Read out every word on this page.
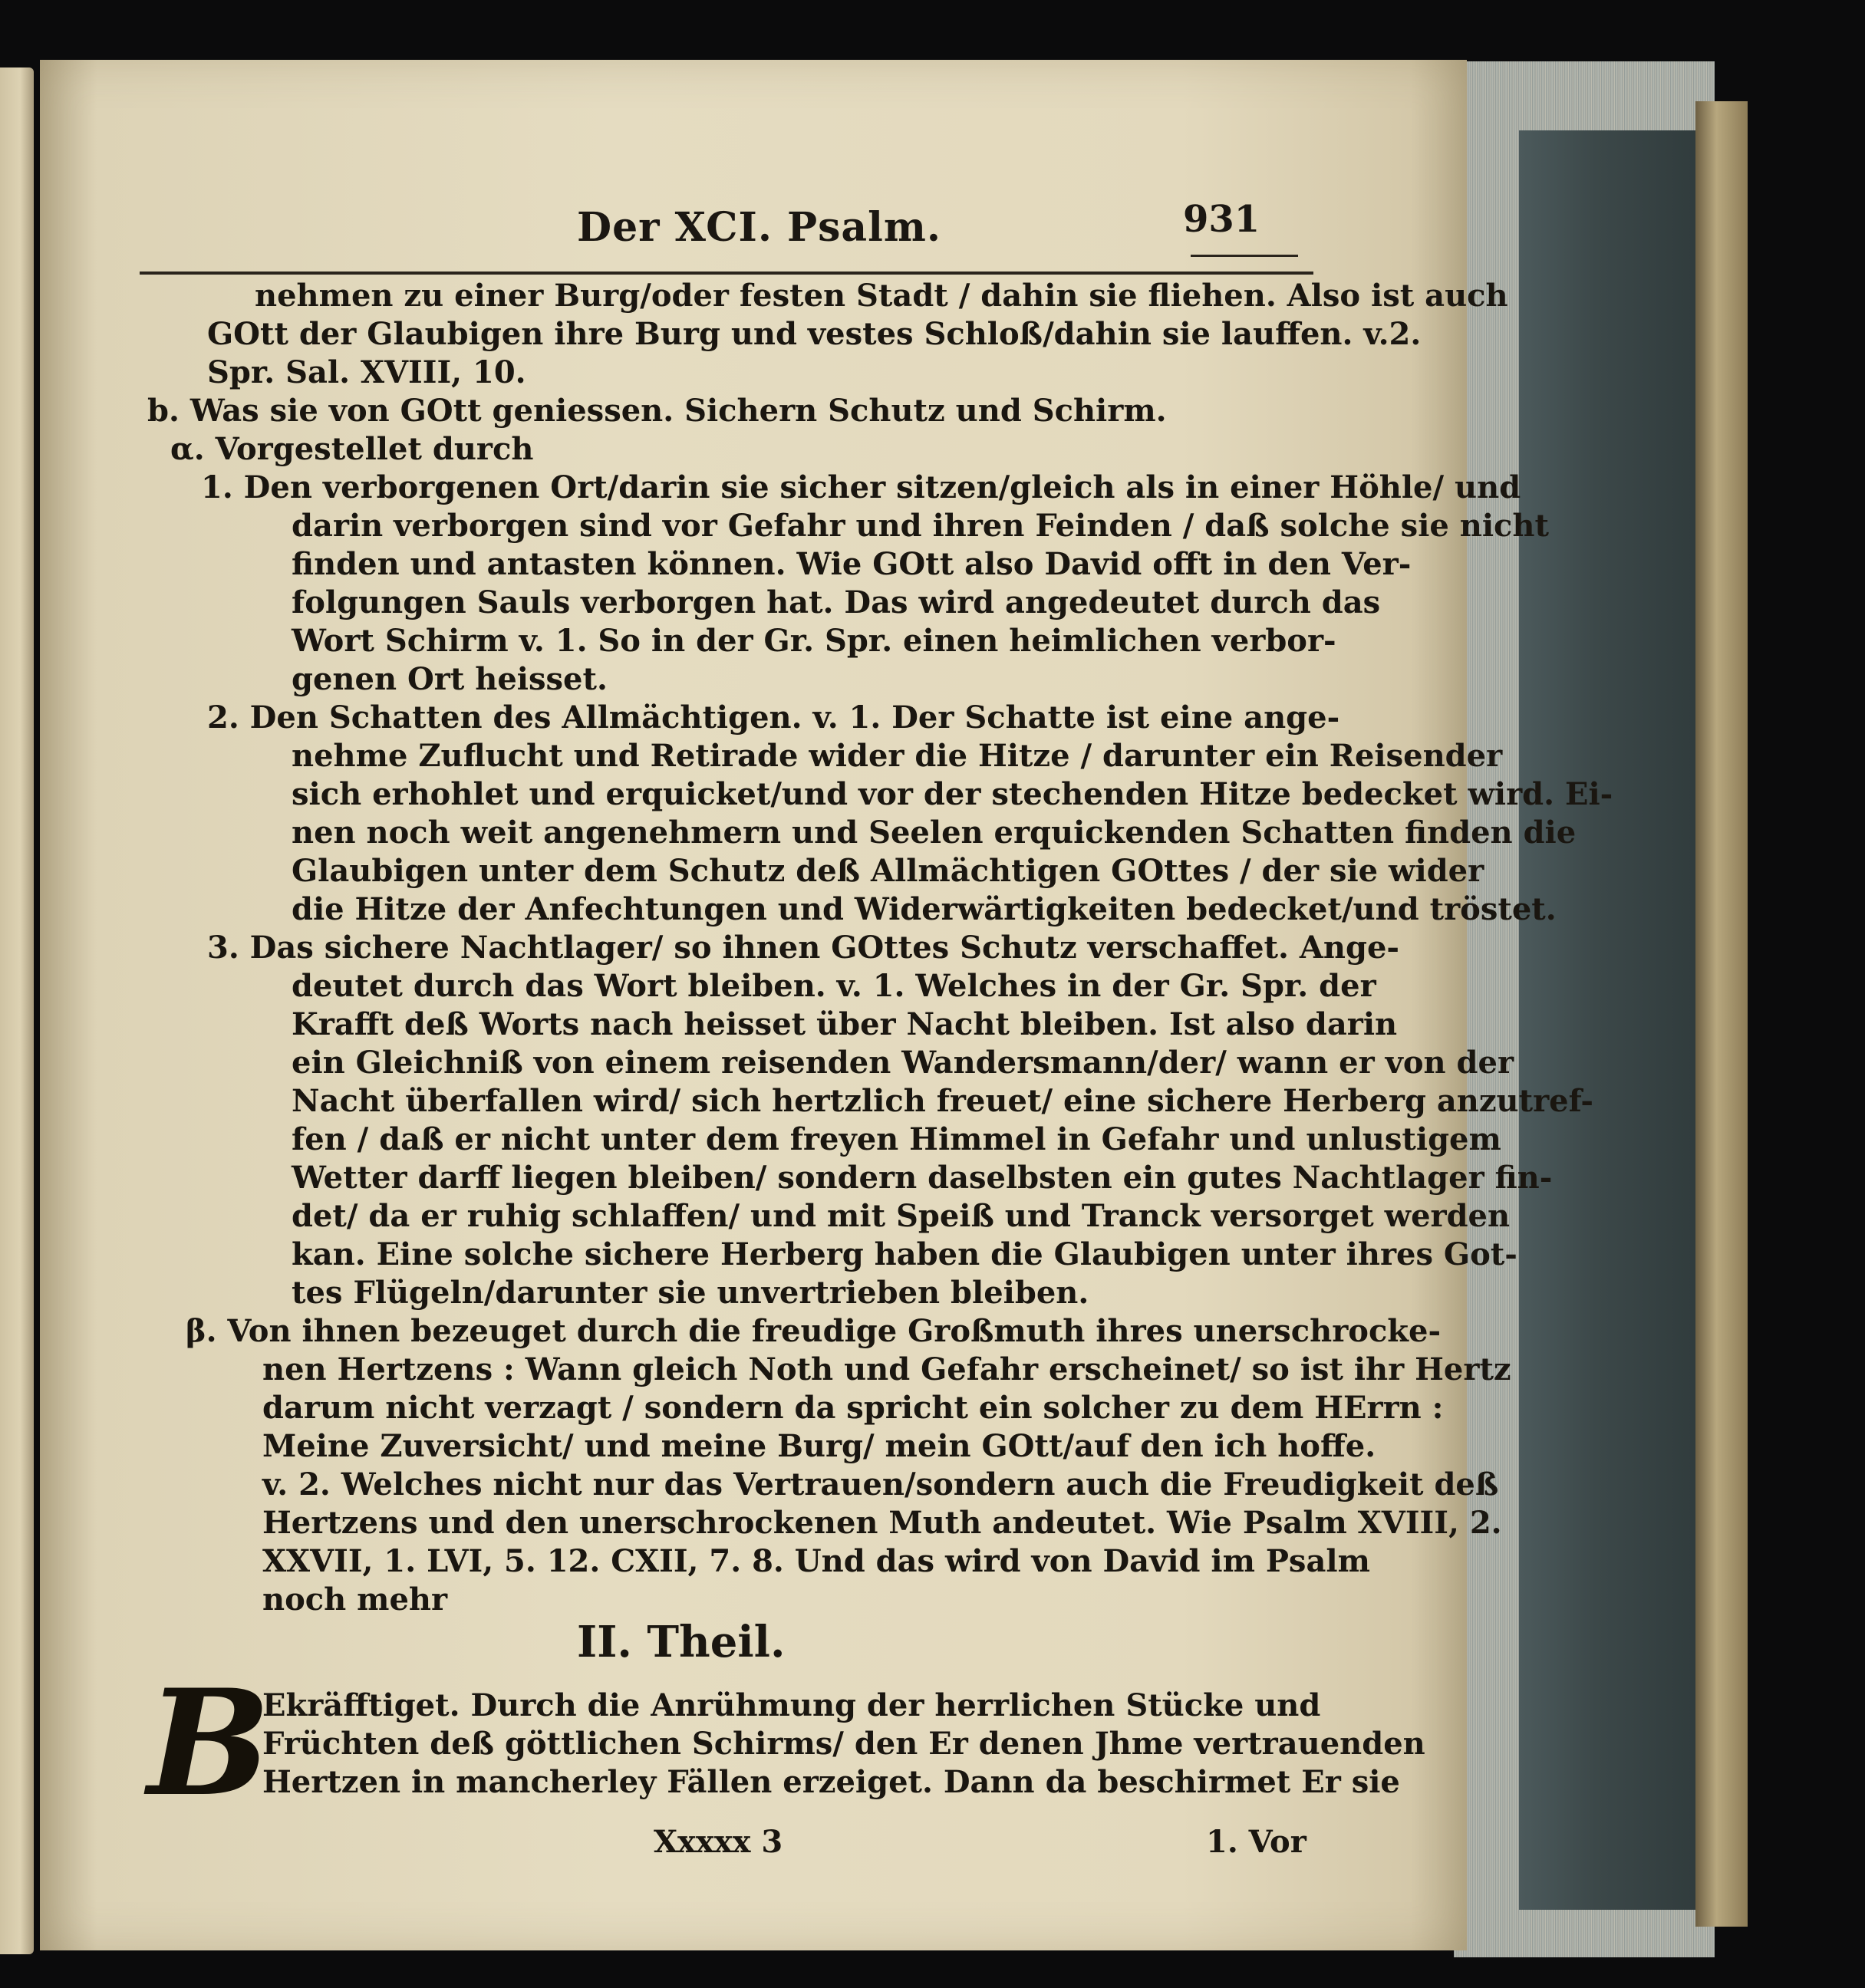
Der XCI. Psalm.	931
nehmen zu einer Burg/oder festen Stadt / dahin sie fliehen. Also ist auch
GOtt der Glaubigen ihre Burg und vestes Schloß/dahin sie lauffen. v.2.
Spr. Sal. XVIII, 10.
b. Was sie von GOtt geniessen. Sichern Schutz und Schirm.
α. Vorgestellet durch
1. Den verborgenen Ort/darin sie sicher sitzen/gleich als in einer Höhle/ und
darin verborgen sind vor Gefahr und ihren Feinden / daß solche sie nicht
finden und antasten können. Wie GOtt also David offt in den Ver-
folgungen Sauls verborgen hat. Das wird angedeutet durch das
Wort Schirm v. 1. So in der Gr. Spr. einen heimlichen verbor-
genen Ort heisset.
2. Den Schatten des Allmächtigen. v. 1. Der Schatte ist eine ange-
nehme Zuflucht und Retirade wider die Hitze / darunter ein Reisender
sich erhohlet und erquicket/und vor der stechenden Hitze bedecket wird. Ei-
nen noch weit angenehmern und Seelen erquickenden Schatten finden die
Glaubigen unter dem Schutz deß Allmächtigen GOttes / der sie wider
die Hitze der Anfechtungen und Widerwärtigkeiten bedecket/und tröstet.
3. Das sichere Nachtlager/ so ihnen GOttes Schutz verschaffet. Ange-
deutet durch das Wort bleiben. v. 1. Welches in der Gr. Spr. der
Krafft deß Worts nach heisset über Nacht bleiben. Ist also darin
ein Gleichniß von einem reisenden Wandersmann/der/ wann er von der
Nacht überfallen wird/ sich hertzlich freuet/ eine sichere Herberg anzutref-
fen / daß er nicht unter dem freyen Himmel in Gefahr und unlustigem
Wetter darff liegen bleiben/ sondern daselbsten ein gutes Nachtlager fin-
det/ da er ruhig schlaffen/ und mit Speiß und Tranck versorget werden
kan. Eine solche sichere Herberg haben die Glaubigen unter ihres Got-
tes Flügeln/darunter sie unvertrieben bleiben.
β. Von ihnen bezeuget durch die freudige Großmuth ihres unerschrocke-
nen Hertzens : Wann gleich Noth und Gefahr erscheinet/ so ist ihr Hertz
darum nicht verzagt / sondern da spricht ein solcher zu dem HErrn :
Meine Zuversicht/ und meine Burg/ mein GOtt/auf den ich hoffe.
v. 2. Welches nicht nur das Vertrauen/sondern auch die Freudigkeit deß
Hertzens und den unerschrockenen Muth andeutet. Wie Psalm XVIII, 2.
XXVII, 1. LVI, 5. 12. CXII, 7. 8. Und das wird von David im Psalm
noch mehr
II. Theil.
B
Ekräfftiget. Durch die Anrühmung der herrlichen Stücke und
Früchten deß göttlichen Schirms/ den Er denen Jhme vertrauenden
Hertzen in mancherley Fällen erzeiget. Dann da beschirmet Er sie
Xxxxx 3	1. Vor
